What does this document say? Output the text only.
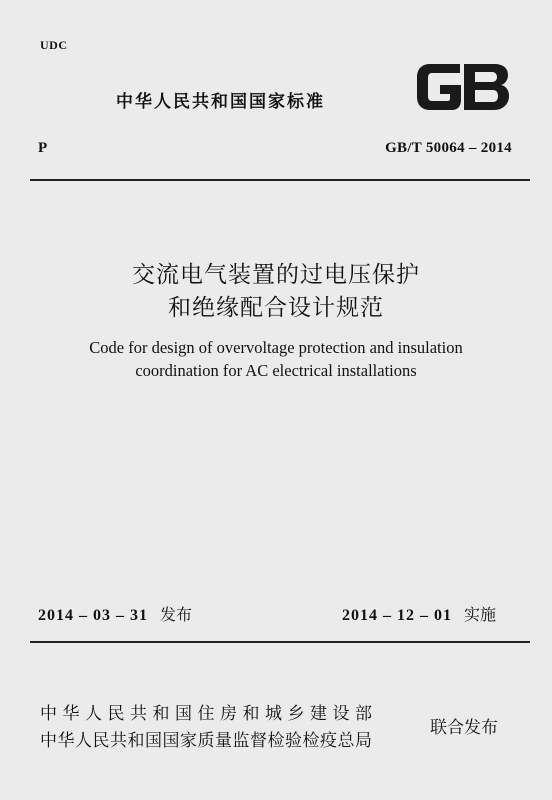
UDC
中华人民共和国国家标准
P	GB/T 50064 – 2014
交流电气装置的过电压保护
和绝缘配合设计规范
Code for design of overvoltage protection and insulation
coordination for AC electrical installations
2014 – 03 – 31 发布	2014 – 12 – 01 实施
中华人民共和国住房和城乡建设部
中华人民共和国国家质量监督检验检疫总局
联合发布
